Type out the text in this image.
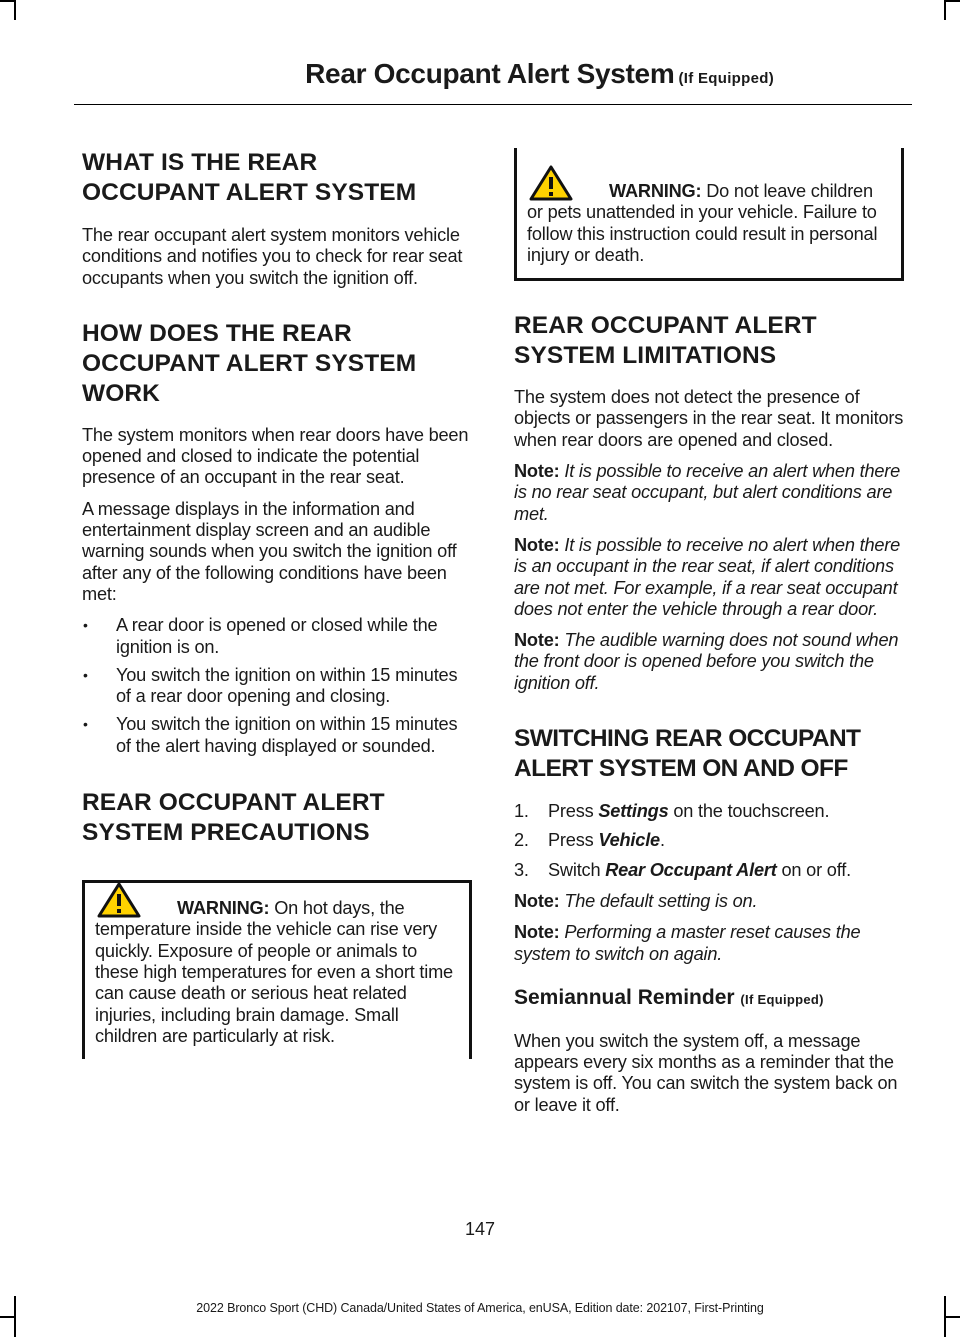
Rear Occupant Alert System (If Equipped)
WHAT IS THE REAR
OCCUPANT ALERT SYSTEM

The rear occupant alert system monitors vehicle conditions and notifies you to check for rear seat occupants when you switch the ignition off.

HOW DOES THE REAR
OCCUPANT ALERT SYSTEM
WORK

The system monitors when rear doors have been opened and closed to indicate the potential presence of an occupant in the rear seat.

A message displays in the information and entertainment display screen and an audible warning sounds when you switch the ignition off after any of the following conditions have been met:

• A rear door is opened or closed while the ignition is on.
• You switch the ignition on within 15 minutes of a rear door opening and closing.
• You switch the ignition on within 15 minutes of the alert having displayed or sounded.
REAR OCCUPANT ALERT
SYSTEM PRECAUTIONS

WARNING: On hot days, the temperature inside the vehicle can rise very quickly. Exposure of people or animals to these high temperatures for even a short time can cause death or serious heat related injuries, including brain damage. Small children are particularly at risk.

WARNING: Do not leave children or pets unattended in your vehicle. Failure to follow this instruction could result in personal injury or death.

REAR OCCUPANT ALERT
SYSTEM LIMITATIONS

The system does not detect the presence of objects or passengers in the rear seat. It monitors when rear doors are opened and closed.

Note: It is possible to receive an alert when there is no rear seat occupant, but alert conditions are met.

Note: It is possible to receive no alert when there is an occupant in the rear seat, if alert conditions are not met. For example, if a rear seat occupant does not enter the vehicle through a rear door.

Note: The audible warning does not sound when the front door is opened before you switch the ignition off.

SWITCHING REAR OCCUPANT
ALERT SYSTEM ON AND OFF
1. Press Settings on the touchscreen.
2. Press Vehicle.
3. Switch Rear Occupant Alert on or off.

Note: The default setting is on.

Note: Performing a master reset causes the system to switch on again.

Semiannual Reminder (If Equipped)

When you switch the system off, a message appears every six months as a reminder that the system is off. You can switch the system back on or leave it off.

147
2022 Bronco Sport (CHD) Canada/United States of America, enUSA, Edition date: 202107, First-Printing
